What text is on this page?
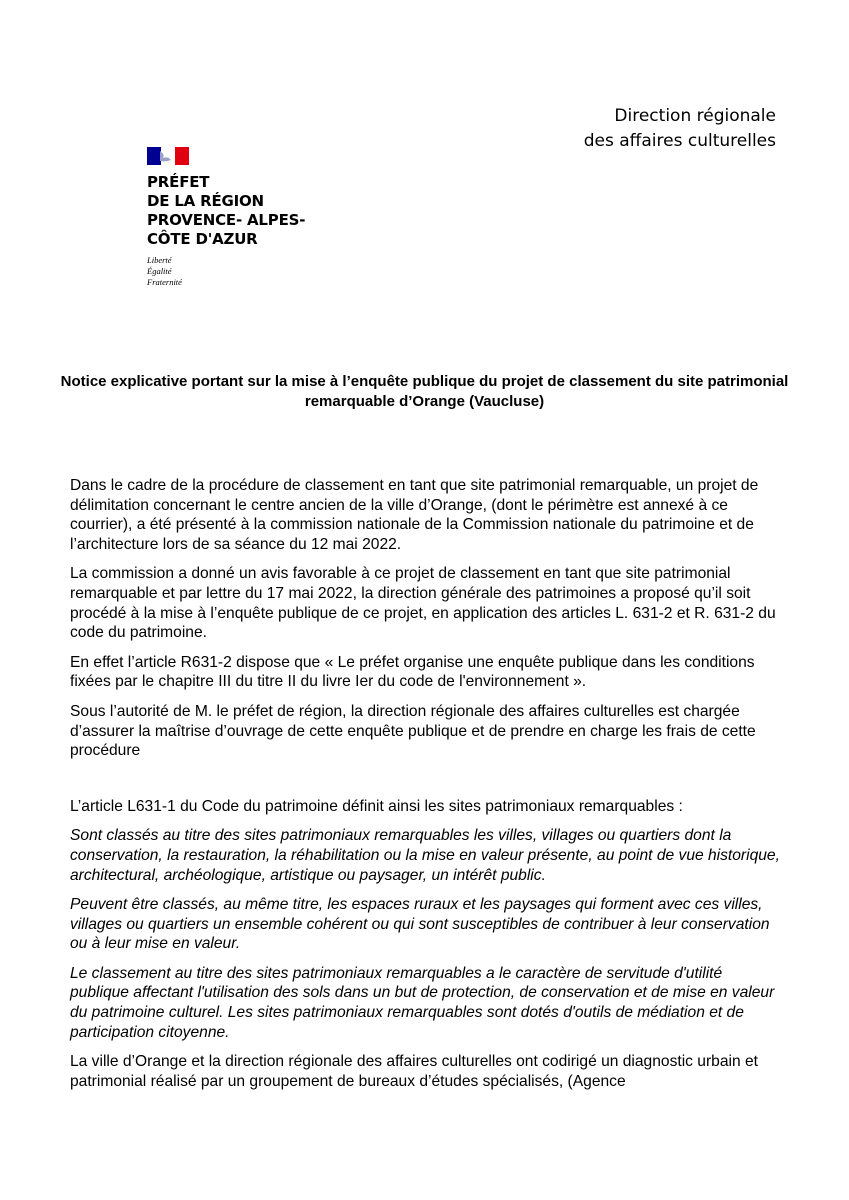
Direction régionale
des affaires culturelles
PRÉFET
DE LA RÉGION
PROVENCE- ALPES-
CÔTE D'AZUR
Liberté
Égalité
Fraternité
Notice explicative portant sur la mise à l’enquête publique du projet de classement du site patrimonial remarquable d’Orange (Vaucluse)

Dans le cadre de la procédure de classement en tant que site patrimonial remarquable, un projet de délimitation concernant le centre ancien de la ville d’Orange, (dont le périmètre est annexé à ce courrier), a été présenté à la commission nationale de la Commission nationale du patrimoine et de l’architecture lors de sa séance du 12 mai 2022.

La commission a donné un avis favorable à ce projet de classement en tant que site patrimonial remarquable et par lettre du 17 mai 2022, la direction générale des patrimoines a proposé qu’il soit procédé à la mise à l’enquête publique de ce projet, en application des articles L. 631-2 et R. 631-2 du code du patrimoine.

En effet l’article R631-2 dispose que « Le préfet organise une enquête publique dans les conditions fixées par le chapitre III du titre II du livre Ier du code de l'environnement ».

Sous l’autorité de M. le préfet de région, la direction régionale des affaires culturelles est chargée d’assurer la maîtrise d’ouvrage de cette enquête publique et de prendre en charge les frais de cette procédure

L’article L631-1 du Code du patrimoine définit ainsi les sites patrimoniaux remarquables :

Sont classés au titre des sites patrimoniaux remarquables les villes, villages ou quartiers dont la conservation, la restauration, la réhabilitation ou la mise en valeur présente, au point de vue historique, architectural, archéologique, artistique ou paysager, un intérêt public.

Peuvent être classés, au même titre, les espaces ruraux et les paysages qui forment avec ces villes, villages ou quartiers un ensemble cohérent ou qui sont susceptibles de contribuer à leur conservation ou à leur mise en valeur.

Le classement au titre des sites patrimoniaux remarquables a le caractère de servitude d'utilité publique affectant l'utilisation des sols dans un but de protection, de conservation et de mise en valeur du patrimoine culturel. Les sites patrimoniaux remarquables sont dotés d'outils de médiation et de participation citoyenne.

La ville d’Orange et la direction régionale des affaires culturelles ont codirigé un diagnostic urbain et patrimonial réalisé par un groupement de bureaux d’études spécialisés, (Agence
